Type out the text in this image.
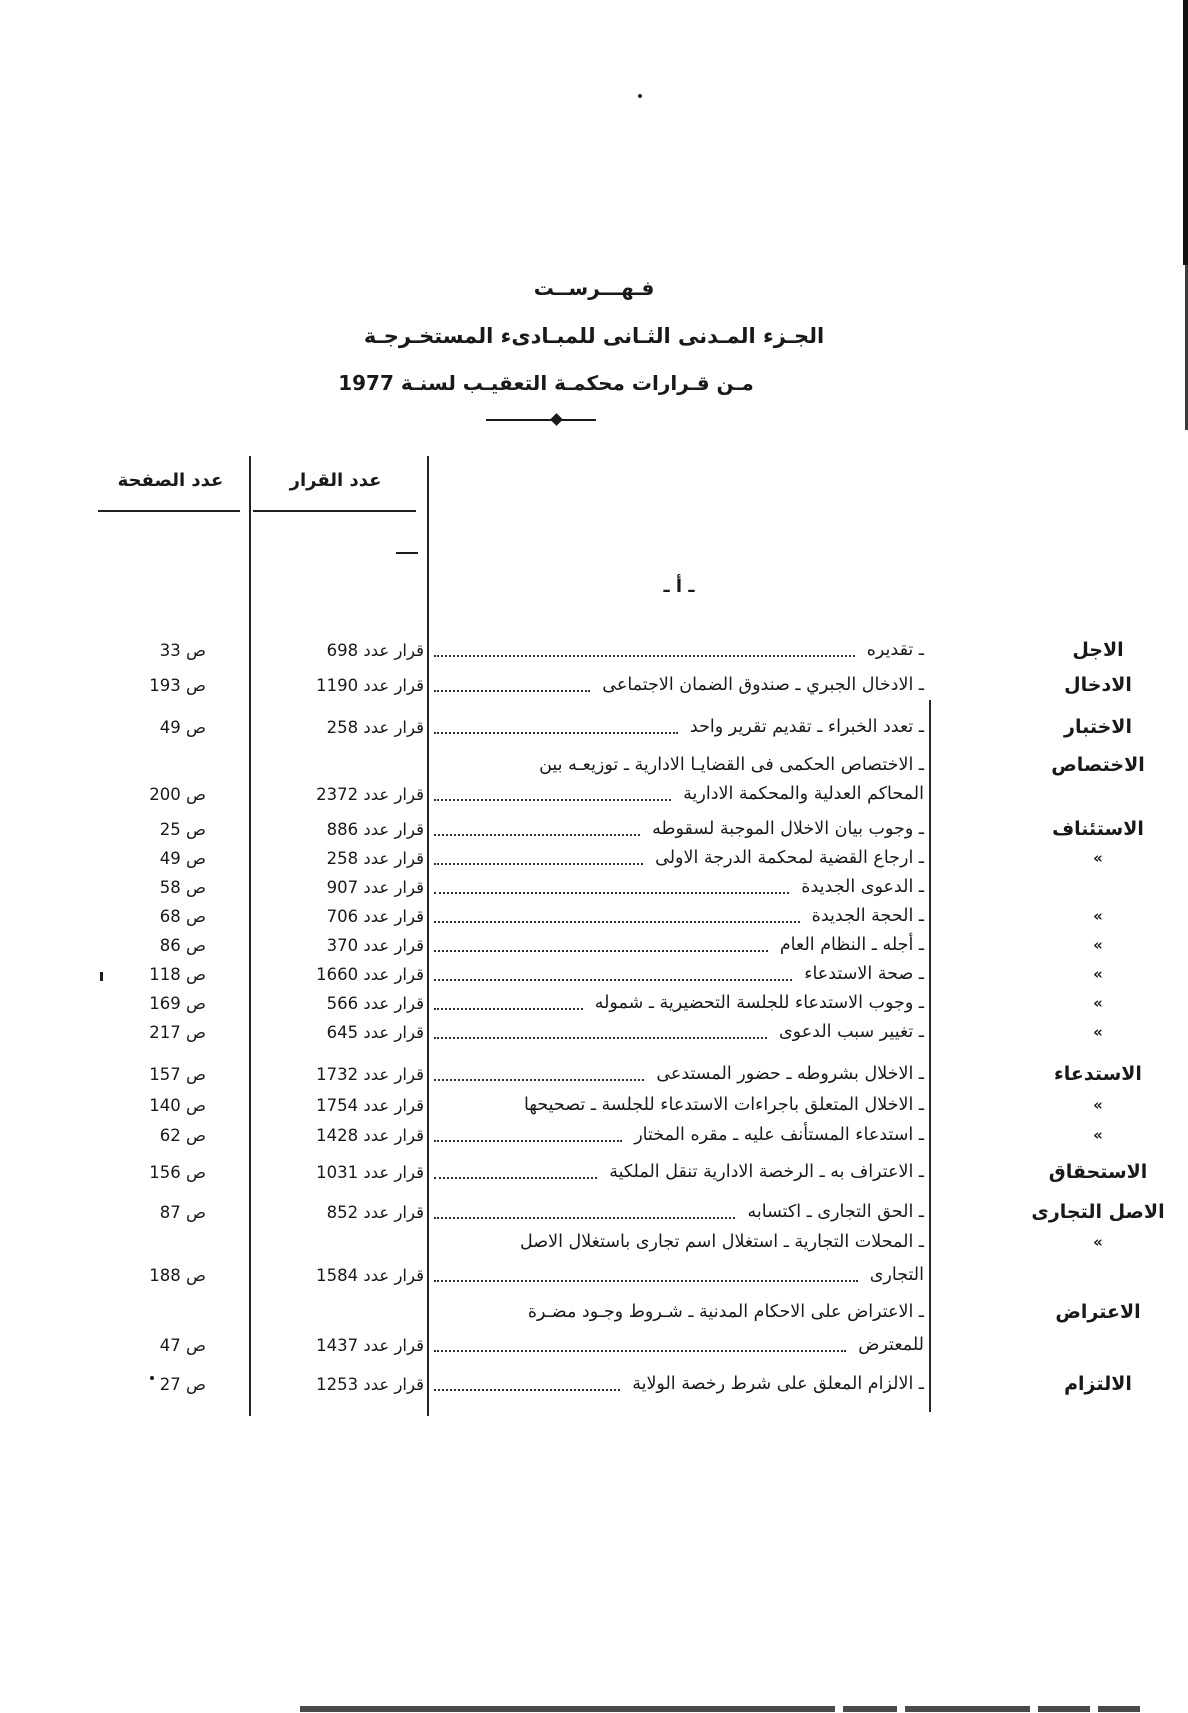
فـهـــرســت
الجـزء المـدنى الثـانى للمبـادىء المستخـرجـة
مـن قـرارات محكمـة التعقيـب لسنـة 1977
عدد الصفحة	عدد القرار
ـ أ ـ
الاجل
ـ تقديره
قرار عدد 698
ص 33
الادخال
ـ الادخال الجبري ـ صندوق الضمان الاجتماعى
قرار عدد 1190
ص 193
الاختبار
ـ تعدد الخبراء ـ تقديم تقرير واحد
قرار عدد 258
ص 49
الاختصاص
ـ الاختصاص الحكمى فى القضايـا الادارية ـ توزيعـه بين
المحاكم العدلية والمحكمة الادارية
قرار عدد 2372
ص 200
الاستئناف
ـ وجوب بيان الاخلال الموجبة لسقوطه
قرار عدد 886
ص 25
»
ـ ارجاع القضية لمحكمة الدرجة الاولى
قرار عدد 258
ص 49
ـ الدعوى الجديدة
قرار عدد 907
ص 58
»
ـ الحجة الجديدة
قرار عدد 706
ص 68
»
ـ أجله ـ النظام العام
قرار عدد 370
ص 86
»
ـ صحة الاستدعاء
قرار عدد 1660
ص 118
»
ـ وجوب الاستدعاء للجلسة التحضيرية ـ شموله
قرار عدد 566
ص 169
»
ـ تغيير سبب الدعوى
قرار عدد 645
ص 217
الاستدعاء
ـ الاخلال بشروطه ـ حضور المستدعى
قرار عدد 1732
ص 157
»
ـ الاخلال المتعلق باجراءات الاستدعاء للجلسة ـ تصحيحها
قرار عدد 1754
ص 140
»
ـ استدعاء المستأنف عليه ـ مقره المختار
قرار عدد 1428
ص 62
الاستحقاق
ـ الاعتراف به ـ الرخصة الادارية تنقل الملكية
قرار عدد 1031
ص 156
الاصل التجارى
ـ الحق التجارى ـ اكتسابه
قرار عدد 852
ص 87
»
ـ المحلات التجارية ـ استغلال اسم تجارى باستغلال الاصل
التجارى
قرار عدد 1584
ص 188
الاعتراض
ـ الاعتراض على الاحكام المدنية ـ شـروط وجـود مضـرة
للمعترض
قرار عدد 1437
ص 47
الالتزام
ـ الالزام المعلق على شرط رخصة الولاية
قرار عدد 1253
ص 27
